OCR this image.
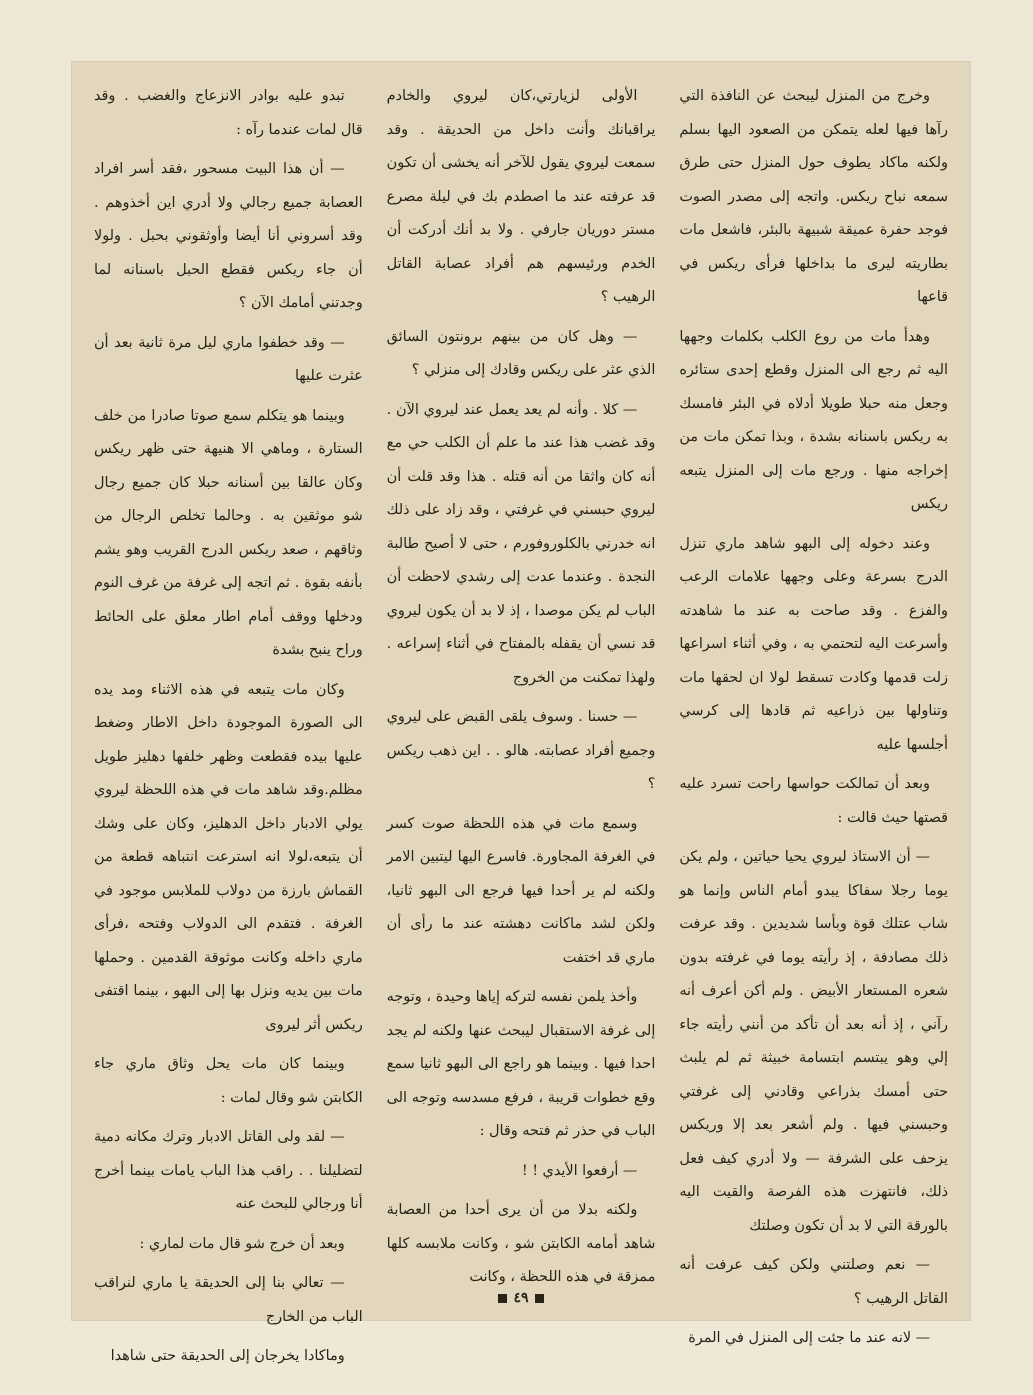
وخرج من المنزل ليبحث عن النافذة التي رآها فيها لعله يتمكن من الصعود اليها بسلم ولكنه ماكاد يطوف حول المنزل حتى طرق سمعه نباح ريكس. واتجه إلى مصدر الصوت فوجد حفرة عميقة شبيهة بالبئر، فاشعل مات بطاريته ليرى ما بداخلها فرأى ريكس في قاعها

وهدأ مات من روع الكلب بكلمات وجهها اليه ثم رجع الى المنزل وقطع إحدى ستائره وجعل منه حبلا طويلا أدلاه في البئر فامسك به ريكس باسنانه بشدة ، وبذا تمكن مات من إخراجه منها . ورجع مات إلى المنزل يتبعه ريكس

وعند دخوله إلى البهو شاهد ماري تنزل الدرج بسرعة وعلى وجهها علامات الرعب والفزع . وقد صاحت به عند ما شاهدته وأسرعت اليه لتحتمي به ، وفي أثناء اسراعها زلت قدمها وكادت تسقط لولا ان لحقها مات وتناولها بين ذراعيه ثم قادها إلى كرسي أجلسها عليه

وبعد أن تمالكت حواسها راحت تسرد عليه قصتها حيث قالت :

— أن الاستاذ ليروي يحيا حياتين ، ولم يكن يوما رجلا سفاكا يبدو أمام الناس وإنما هو شاب عتلك قوة وبأسا شديدين . وقد عرفت ذلك مصادفة ، إذ رأيته يوما في غرفته بدون شعره المستعار الأبيض . ولم أكن أعرف أنه رآني ، إذ أنه بعد أن تأكد من أنني رأيته جاء إلي وهو يبتسم ابتسامة خبيثة ثم لم يلبث حتى أمسك بذراعي وقادني إلى غرفتي وحبسني فيها . ولم أشعر بعد إلا وريكس يزحف على الشرفة — ولا أدري كيف فعل ذلك، فانتهزت هذه الفرصة والقيت اليه بالورقة التي لا بد أن تكون وصلتك

— نعم وصلتني ولكن كيف عرفت أنه القاتل الرهيب ؟

— لانه عند ما جئت إلى المنزل في المرة

الأولى لزيارتي،كان ليروي والخادم يراقبانك وأنت داخل من الحديقة . وقد سمعت ليروي يقول للآخر أنه يخشى أن تكون قد عرفته عند ما اصطدم بك في ليلة مصرع مستر دوريان جارفي . ولا بد أنك أدركت أن الخدم ورئيسهم هم أفراد عصابة القاتل الرهيب ؟

— وهل كان من بينهم برونتون السائق الذي عثر على ريكس وقادك إلى منزلي ؟

— كلا . وأنه لم يعد يعمل عند ليروي الآن . وقد غضب هذا عند ما علم أن الكلب حي مع أنه كان واثقا من أنه قتله . هذا وقد قلت أن ليروي حبسني في غرفتي ، وقد زاد على ذلك انه خدرني بالكلوروفورم ، حتى لا أصيح طالبة النجدة . وعندما عدت إلى رشدي لاحظت أن الباب لم يكن موصدا ، إذ لا بد أن يكون ليروي قد نسي أن يقفله بالمفتاح في أثناء إسراعه . ولهذا تمكنت من الخروج

— حسنا . وسوف يلقى القبض على ليروي وجميع أفراد عصابته. هالو . . اين ذهب ريكس ؟

وسمع مات في هذه اللحظة صوت كسر في الغرفة المجاورة. فاسرع اليها ليتبين الامر ولكنه لم ير أحدا فيها فرجع الى البهو ثانيا، ولكن لشد ماكانت دهشته عند ما رأى أن ماري قد اختفت

وأخذ يلمن نفسه لتركه إياها وحيدة ، وتوجه إلى غرفة الاستقبال ليبحث عنها ولكنه لم يجد احدا فيها . وبينما هو راجع الى البهو ثانيا سمع وقع خطوات قريبة ، فرفع مسدسه وتوجه الى الباب في حذر ثم فتحه وقال :

— أرفعوا الأيدي ! !

ولكنه بدلا من أن يرى أحدا من العصابة شاهد أمامه الكابتن شو ، وكانت ملابسه كلها ممزقة في هذه اللحظة ، وكانت

تبدو عليه بوادر الانزعاج والغضب . وقد قال لمات عندما رآه :

— أن هذا البيت مسحور ،فقد أسر افراد العصابة جميع رجالي ولا أدري اين أخذوهم . وقد أسروني أنا أيضا وأوثقوني بحبل . ولولا أن جاء ريكس فقطع الحبل باسنانه لما وجدتني أمامك الآن ؟

— وقد خطفوا ماري ليل مرة ثانية بعد أن عثرت عليها

وبينما هو يتكلم سمع صوتا صادرا من خلف الستارة ، وماهي الا هنيهة حتى ظهر ريكس وكان عالقا بين أسنانه حبلا كان جميع رجال شو موثقين به . وحالما تخلص الرجال من وثاقهم ، صعد ريكس الدرج القريب وهو يشم بأنفه بقوة . ثم اتجه إلى غرفة من غرف النوم ودخلها ووقف أمام اطار معلق على الحائط وراح ينبح بشدة

وكان مات يتبعه في هذه الاثناء ومد يده الى الصورة الموجودة داخل الاطار وضغط عليها بيده فقطعت وظهر خلفها دهليز طويل مظلم.وقد شاهد مات في هذه اللحظة ليروي يولي الادبار داخل الدهليز، وكان على وشك أن يتبعه،لولا انه استرعت انتباهه قطعة من القماش بارزة من دولاب للملابس موجود في الغرفة . فتقدم الى الدولاب وفتحه ،فرأى ماري داخله وكانت موثوقة القدمين . وحملها مات بين يديه ونزل بها إلى البهو ، بينما اقتفى ريكس أثر ليروى

وبينما كان مات يحل وثاق ماري جاء الكابتن شو وقال لمات :

— لقد ولى القاتل الادبار وترك مكانه دمية لتضليلنا . . راقب هذا الباب يامات بينما أخرج أنا ورجالي للبحث عنه

وبعد أن خرج شو قال مات لماري :

— تعالي بنا إلى الحديقة يا ماري لنراقب الباب من الخارج

وماكادا يخرجان إلى الحديقة حتى شاهدا

٤٩
